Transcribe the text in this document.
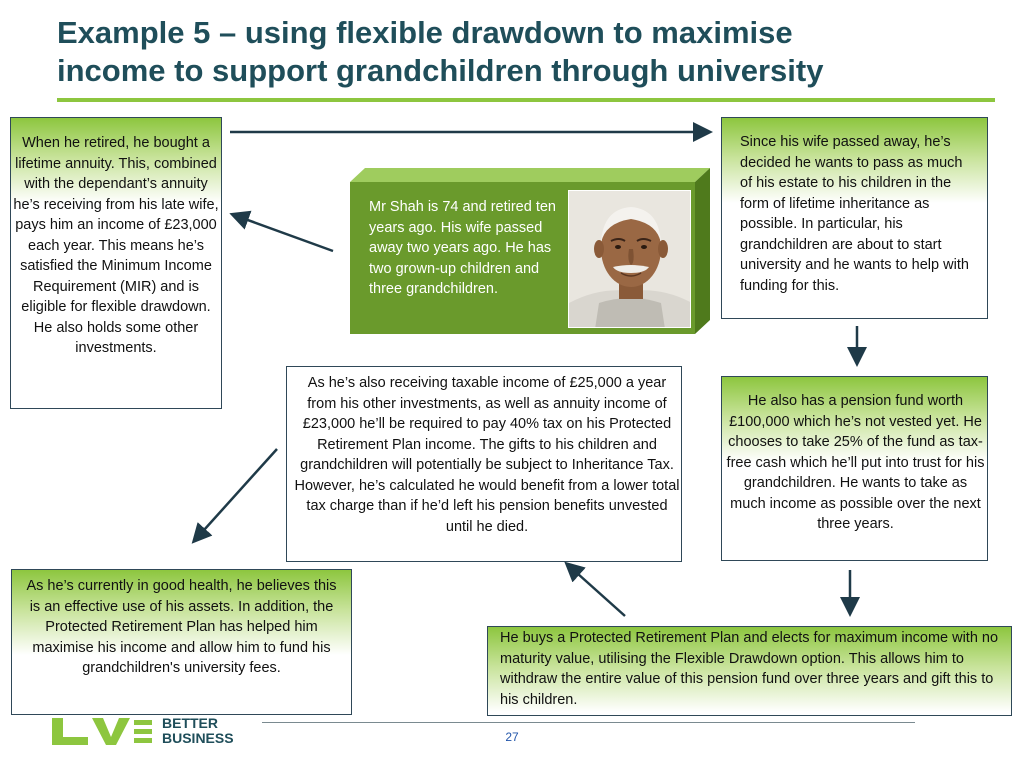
Example 5 – using flexible drawdown to maximise
income to support grandchildren through university
Mr Shah is 74 and retired ten years ago. His wife passed away two years ago. He has two grown-up children and three grandchildren.
When he retired, he bought a lifetime annuity. This, combined with the dependant’s annuity he’s receiving from his late wife, pays him an income of £23,000 each year. This means he’s satisfied the Minimum Income Requirement (MIR) and is eligible for flexible drawdown. He also holds some other investments.
Since his wife passed away, he’s decided he wants to pass as much of his estate to his children in the form of lifetime inheritance as possible. In particular, his grandchildren are about to start university and he wants to help with funding for this.
As he’s also receiving taxable income of £25,000 a year from his other investments, as well as annuity income of £23,000 he’ll be required to pay 40% tax on his Protected Retirement Plan income. The gifts to his children and grandchildren will potentially be subject to Inheritance Tax. However, he’s calculated he would benefit from a lower total tax charge than if he’d left his pension benefits unvested until he died.
He also has a pension fund worth £100,000 which he’s not vested yet. He chooses to take 25% of the fund as tax-free cash which he’ll put into trust for his grandchildren. He wants to take as much income as possible over the next three years.
As he’s currently in good health, he believes this is an effective use of his assets. In addition, the Protected Retirement Plan has helped him maximise his income and allow him to fund his grandchildren's university fees.
He buys a Protected Retirement Plan and elects for maximum income with no maturity value, utilising the Flexible Drawdown option. This allows him to withdraw the entire value of this pension fund over three years and gift this to his children.
BETTER
BUSINESS	27
